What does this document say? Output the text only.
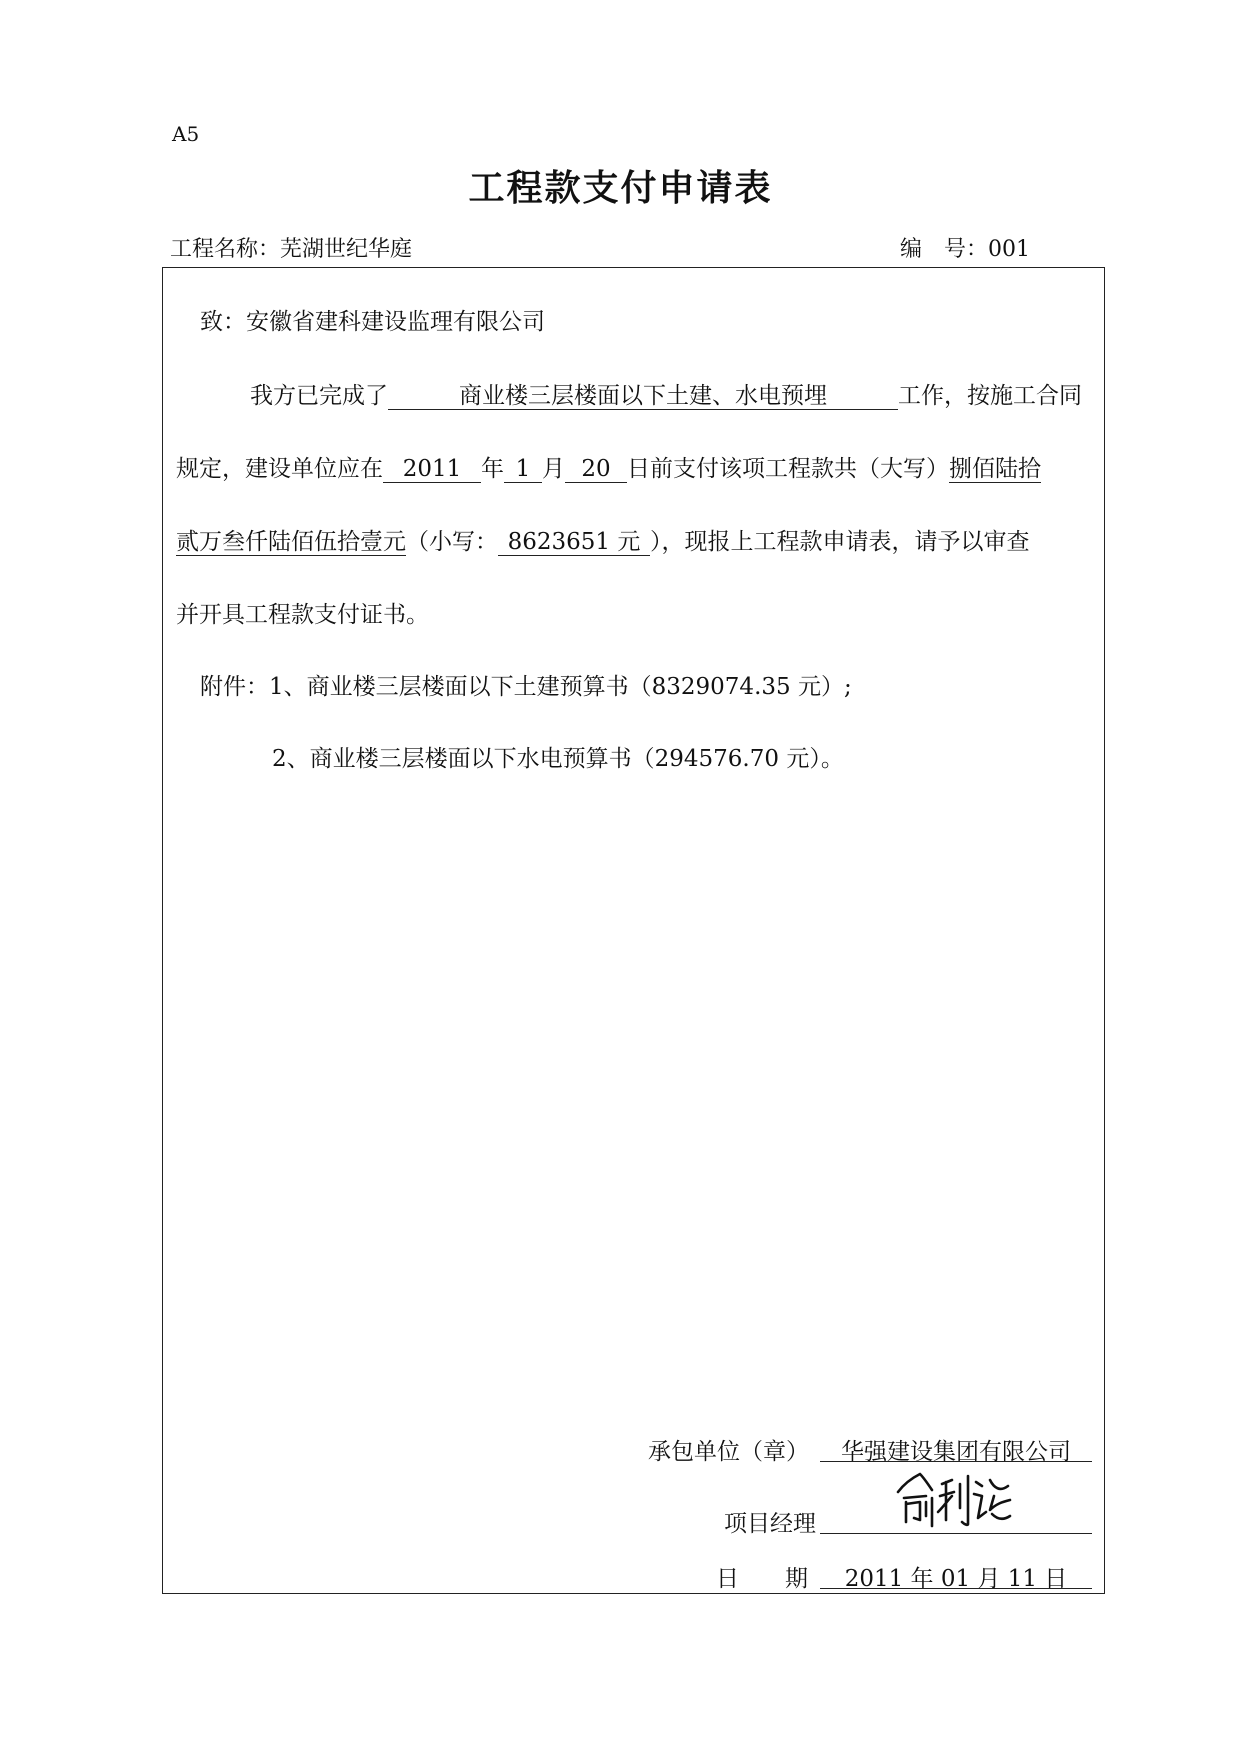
A5
工程款支付申请表
工程名称：芜湖世纪华庭	编　号：001
致：安徽省建科建设监理有限公司
我方已完成了	商业楼三层楼面以下土建、水电预埋	工作，按施工合同
规定，建设单位应在 2011 年 1 月 20 日前支付该项工程款共（大写）捌佰陆拾
贰万叁仟陆佰伍拾壹元（小写： 8623651 元 ），现报上工程款申请表，请予以审查
并开具工程款支付证书。
附件：1、商业楼三层楼面以下土建预算书（8329074.35 元）;
2、商业楼三层楼面以下水电预算书（294576.70 元）。
承包单位（章）	华强建设集团有限公司
项目经理
日　　期	2011 年 01 月 11 日
